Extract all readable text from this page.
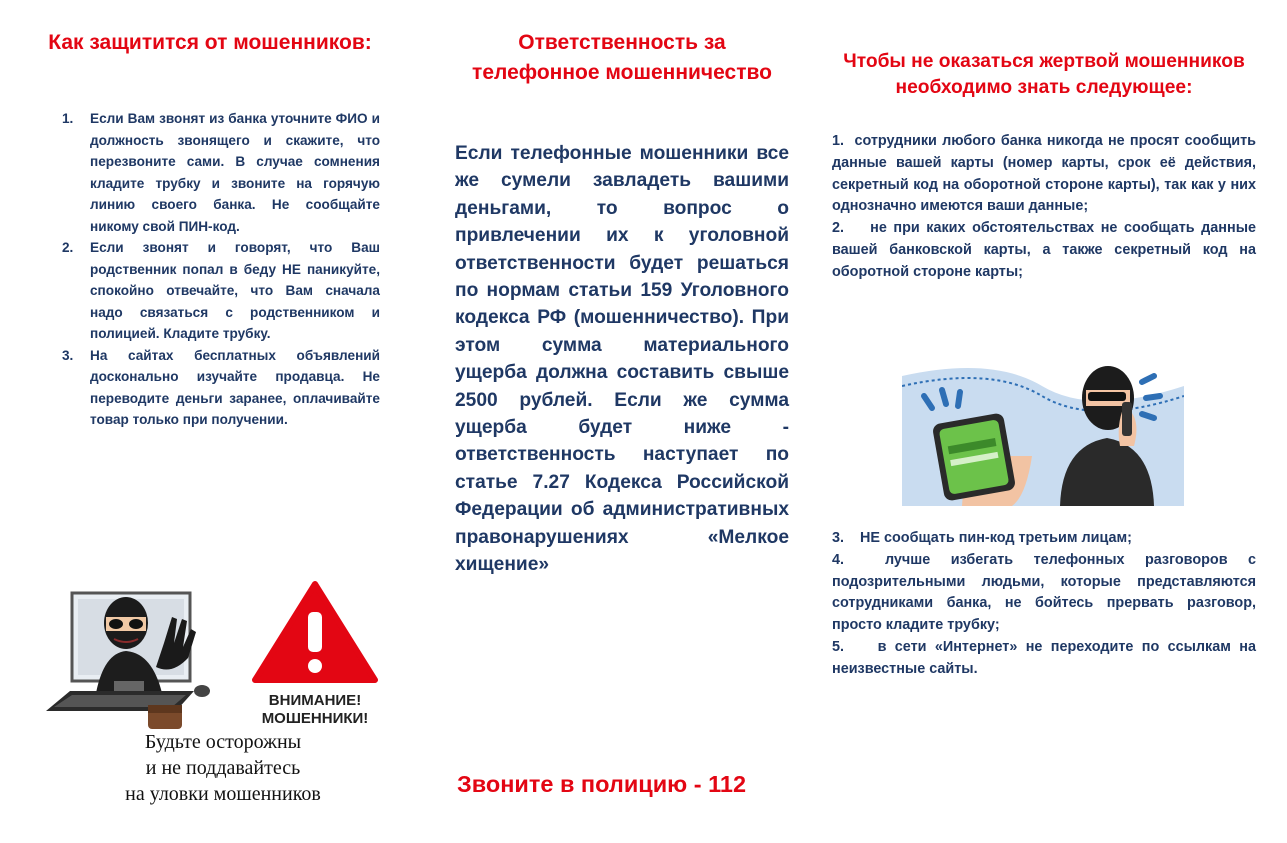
Как защитится от мошенников:
1. Если Вам звонят из банка уточните ФИО и должность звонящего и скажите, что перезвоните сами. В случае сомнения кладите трубку и звоните на горячую линию своего банка. Не сообщайте никому свой ПИН-код.
2. Если звонят и говорят, что Ваш родственник попал в беду НЕ паникуйте, спокойно отвечайте, что Вам сначала надо связаться с родственником и полицией. Кладите трубку.
3. На сайтах бесплатных объявлений досконально изучайте продавца. Не переводите деньги заранее, оплачивайте товар только при получении.
ВНИМАНИЕ!
МОШЕННИКИ!
Будьте осторожны
и не поддавайтесь
на уловки мошенников
Ответственность за телефонное мошенничество
Если телефонные мошенники все же сумели завладеть вашими деньгами, то вопрос о привлечении их к уголовной ответственности будет решаться по нормам статьи 159 Уголовного кодекса РФ (мошенничество). При этом сумма материального ущерба должна составить свыше 2500 рублей. Если же сумма ущерба будет ниже - ответственность наступает по статье 7.27 Кодекса Российской Федерации об административных правонарушениях «Мелкое хищение»
Звоните в полицию - 112
Чтобы не оказаться жертвой мошенников необходимо знать следующее:

1. сотрудники любого банка никогда не просят сообщить данные вашей карты (номер карты, срок её действия, секретный код на оборотной стороне карты), так как у них однозначно имеются ваши данные;

2. не при каких обстоятельствах не сообщать данные вашей банковской карты, а также секретный код на оборотной стороне карты;

3. НЕ сообщать пин-код третьим лицам;

4.	лучше избегать телефонных разговоров с подозрительными людьми, которые представляются сотрудниками банка, не бойтесь прервать разговор, просто кладите трубку;

5. в сети «Интернет» не переходите по ссылкам на неизвестные сайты.
